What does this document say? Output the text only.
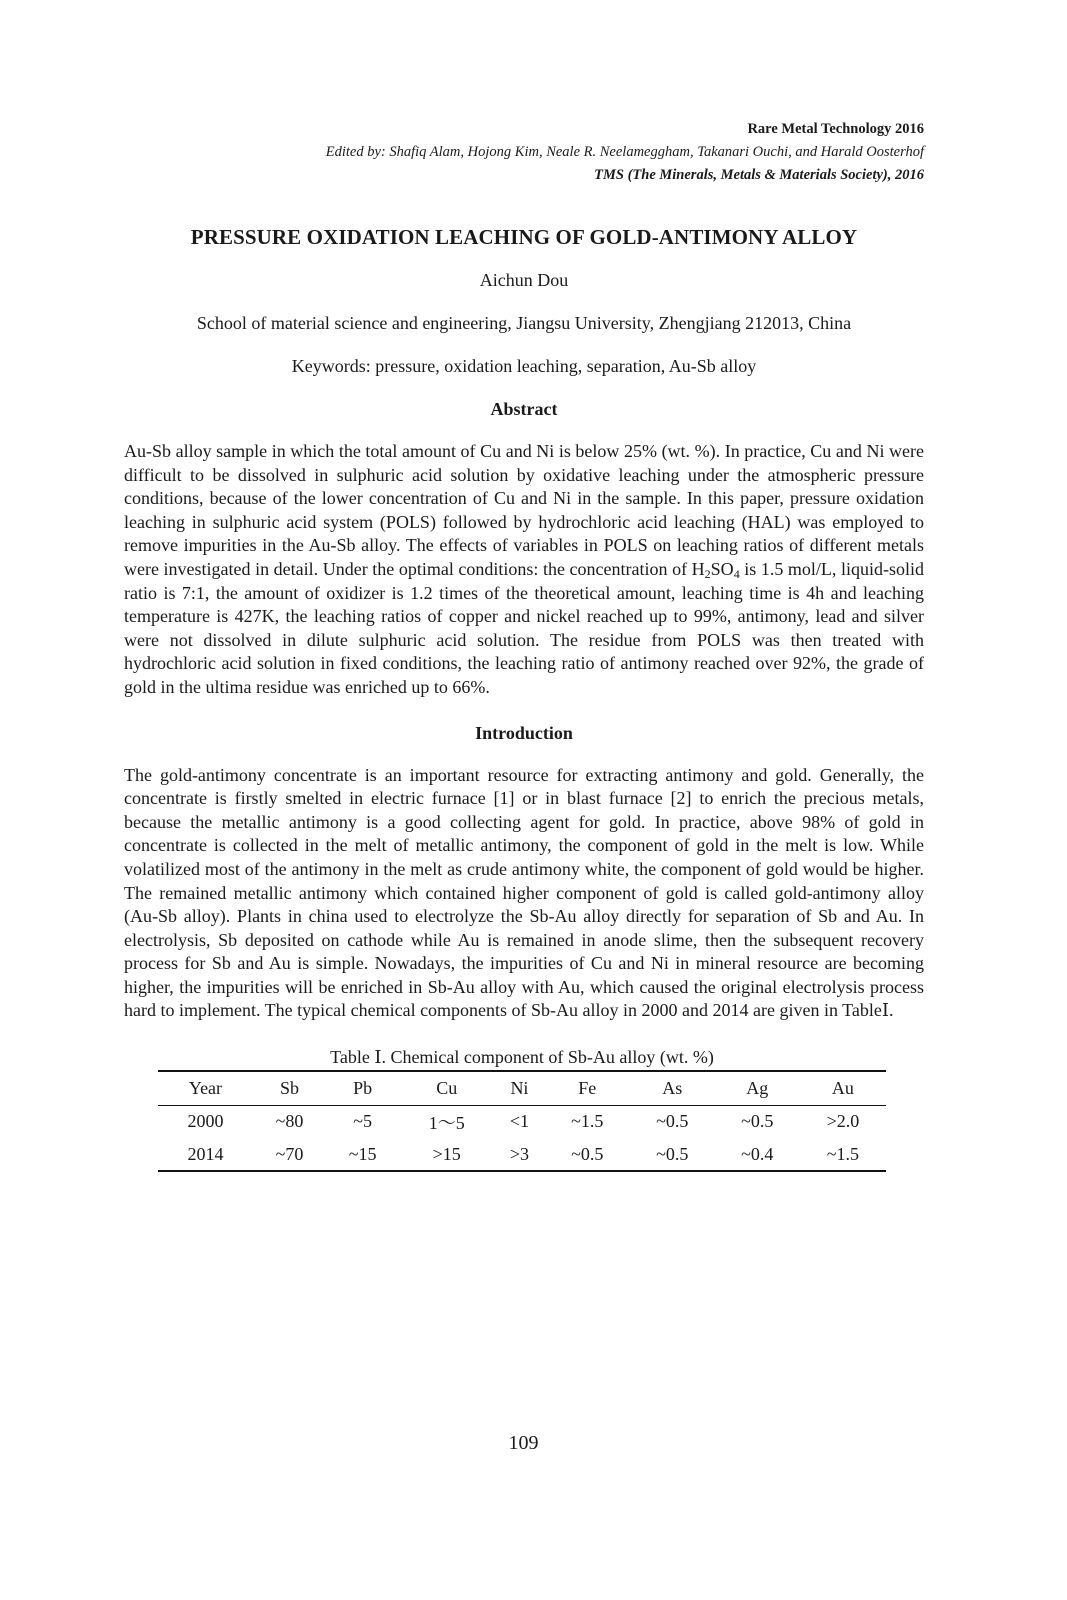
Rare Metal Technology 2016
Edited by: Shafiq Alam, Hojong Kim, Neale R. Neelameggham, Takanari Ouchi, and Harald Oosterhof
TMS (The Minerals, Metals & Materials Society), 2016
PRESSURE OXIDATION LEACHING OF GOLD-ANTIMONY ALLOY
Aichun Dou
School of material science and engineering, Jiangsu University, Zhengjiang 212013, China
Keywords: pressure, oxidation leaching, separation, Au-Sb alloy
Abstract

Au-Sb alloy sample in which the total amount of Cu and Ni is below 25% (wt. %). In practice, Cu and Ni were difficult to be dissolved in sulphuric acid solution by oxidative leaching under the atmospheric pressure conditions, because of the lower concentration of Cu and Ni in the sample. In this paper, pressure oxidation leaching in sulphuric acid system (POLS) followed by hydrochloric acid leaching (HAL) was employed to remove impurities in the Au-Sb alloy. The effects of variables in POLS on leaching ratios of different metals were investigated in detail. Under the optimal conditions: the concentration of $H_2SO_4$ is 1.5 mol/L, liquid-solid ratio is 7:1, the amount of oxidizer is 1.2 times of the theoretical amount, leaching time is 4h and leaching temperature is 427K, the leaching ratios of copper and nickel reached up to 99%, antimony, lead and silver were not dissolved in dilute sulphuric acid solution. The residue from POLS was then treated with hydrochloric acid solution in fixed conditions, the leaching ratio of antimony reached over 92%, the grade of gold in the ultima residue was enriched up to 66%.

Introduction

The gold-antimony concentrate is an important resource for extracting antimony and gold. Generally, the concentrate is firstly smelted in electric furnace [1] or in blast furnace [2] to enrich the precious metals, because the metallic antimony is a good collecting agent for gold. In practice, above 98% of gold in concentrate is collected in the melt of metallic antimony, the component of gold in the melt is low. While volatilized most of the antimony in the melt as crude antimony white, the component of gold would be higher. The remained metallic antimony which contained higher component of gold is called gold-antimony alloy (Au-Sb alloy). Plants in china used to electrolyze the Sb-Au alloy directly for separation of Sb and Au. In electrolysis, Sb deposited on cathode while Au is remained in anode slime, then the subsequent recovery process for Sb and Au is simple. Nowadays, the impurities of Cu and Ni in mineral resource are becoming higher, the impurities will be enriched in Sb-Au alloy with Au, which caused the original electrolysis process hard to implement. The typical chemical components of Sb-Au alloy in 2000 and 2014 are given in TableⅠ.

Table Ⅰ. Chemical component of Sb-Au alloy (wt. %)
Year	Sb	Pb	Cu	Ni	Fe	As	Ag	Au
2000	~80	~5	1～5	<1	~1.5	~0.5	~0.5	>2.0
2014	~70	~15	>15	>3	~0.5	~0.5	~0.4	~1.5
109
